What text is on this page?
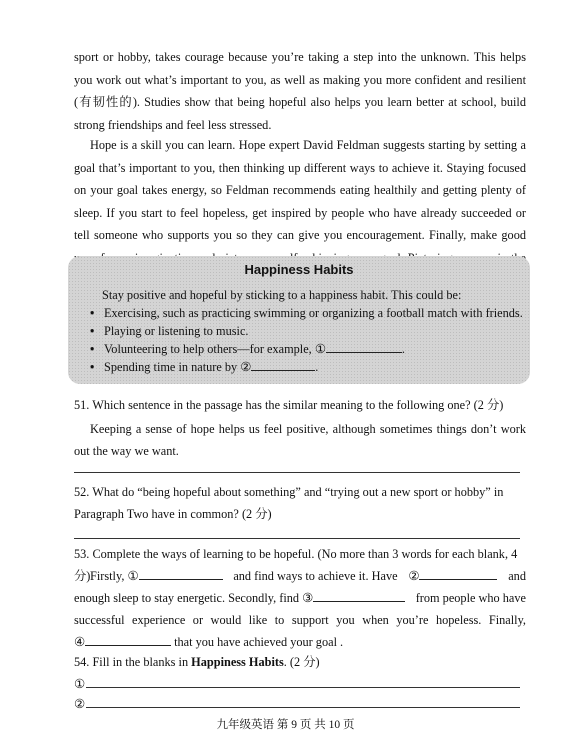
sport or hobby, takes courage because you’re taking a step into the unknown. This helps you work out what’s important to you, as well as making you more confident and resilient (有韧性的). Studies show that being hopeful also helps you learn better at school, build strong friendships and feel less stressed.

Hope is a skill you can learn. Hope expert David Feldman suggests starting by setting a goal that’s important to you, then thinking up different ways to achieve it. Staying focused on your goal takes energy, so Feldman recommends eating healthily and getting plenty of sleep. If you start to feel hopeless, get inspired by people who have already succeeded or tell someone who supports you so they can give you encouragement. Finally, make good

Happiness Habits
Stay positive and hopeful by sticking to a happiness habit. This could be:
• Exercising, such as practicing swimming or organizing a football match with friends.
• Playing or listening to music.
• Volunteering to help others—for example, ①	.
• Spending time in nature by ②	.

51. Which sentence in the passage has the similar meaning to the following one? (2 分)

Keeping a sense of hope helps us feel positive, although sometimes things don’t work out the way we want.

52. What do “being hopeful about something” and “trying out a new sport or hobby” in Paragraph Two have in common? (2 分)

53. Complete the ways of learning to be hopeful. (No more than 3 words for each blank, 4 分) Firstly, ①	and find ways to achieve it. Have ②	and
enough sleep to stay energetic. Secondly, find ③	from people who have

successful experience or would like to support you when you’re hopeless. Finally,

④	that you have achieved your goal .

54. Fill in the blanks in Happiness Habits. (2 分)

①
②
九年级英语 第 9 页 共 10 页
